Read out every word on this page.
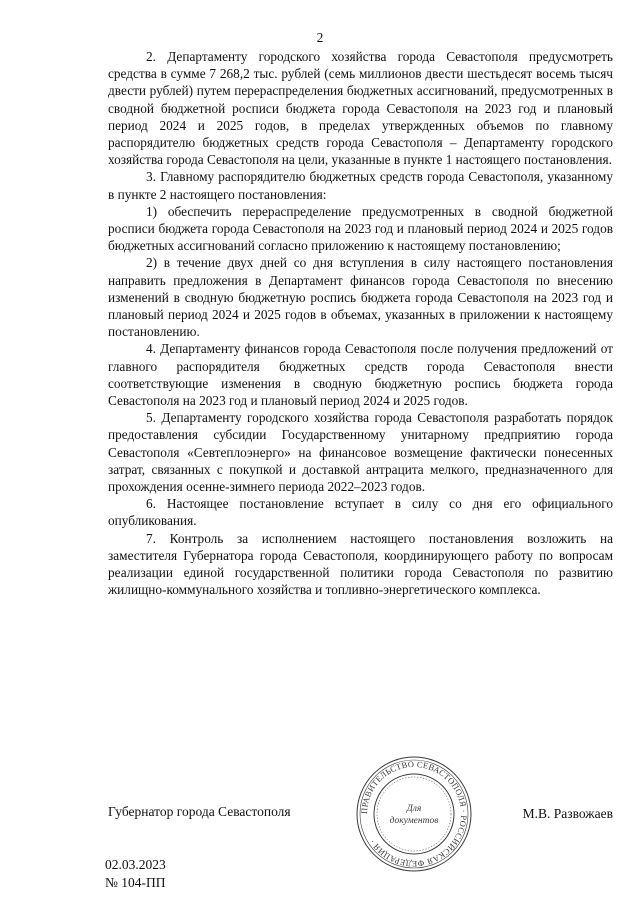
2

2. Департаменту городского хозяйства города Севастополя предусмотреть средства в сумме 7 268,2 тыс. рублей (семь миллионов двести шестьдесят восемь тысяч двести рублей) путем перераспределения бюджетных ассигнований, предусмотренных в сводной бюджетной росписи бюджета города Севастополя на 2023 год и плановый период 2024 и 2025 годов, в пределах утвержденных объемов по главному распорядителю бюджетных средств города Севастополя – Департаменту городского хозяйства города Севастополя на цели, указанные в пункте 1 настоящего постановления.

3. Главному распорядителю бюджетных средств города Севастополя, указанному в пункте 2 настоящего постановления:

1) обеспечить перераспределение предусмотренных в сводной бюджетной росписи бюджета города Севастополя на 2023 год и плановый период 2024 и 2025 годов бюджетных ассигнований согласно приложению к настоящему постановлению;

2) в течение двух дней со дня вступления в силу настоящего постановления направить предложения в Департамент финансов города Севастополя по внесению изменений в сводную бюджетную роспись бюджета города Севастополя на 2023 год и плановый период 2024 и 2025 годов в объемах, указанных в приложении к настоящему постановлению.

4. Департаменту финансов города Севастополя после получения предложений от главного распорядителя бюджетных средств города Севастополя внести соответствующие изменения в сводную бюджетную роспись бюджета города Севастополя на 2023 год и плановый период 2024 и 2025 годов.

5. Департаменту городского хозяйства города Севастополя разработать порядок предоставления субсидии Государственному унитарному предприятию города Севастополя «Севтеплоэнерго» на финансовое возмещение фактически понесенных затрат, связанных с покупкой и доставкой антрацита мелкого, предназначенного для прохождения осенне-зимнего периода 2022–2023 годов.

6. Настоящее постановление вступает в силу со дня его официального опубликования.

7. Контроль за исполнением настоящего постановления возложить на заместителя Губернатора города Севастополя, координирующего работу по вопросам реализации единой государственной политики города Севастополя по развитию жилищно-коммунального хозяйства и топливно-энергетического комплекса.

Губернатор города Севастополя	М.В. Развожаев
ПРАВИТЕЛЬСТВО СЕВАСТОПОЛЯ · РОССИЙСКАЯ ФЕДЕРАЦИЯ ·
Для
документов
02.03.2023
№ 104-ПП
